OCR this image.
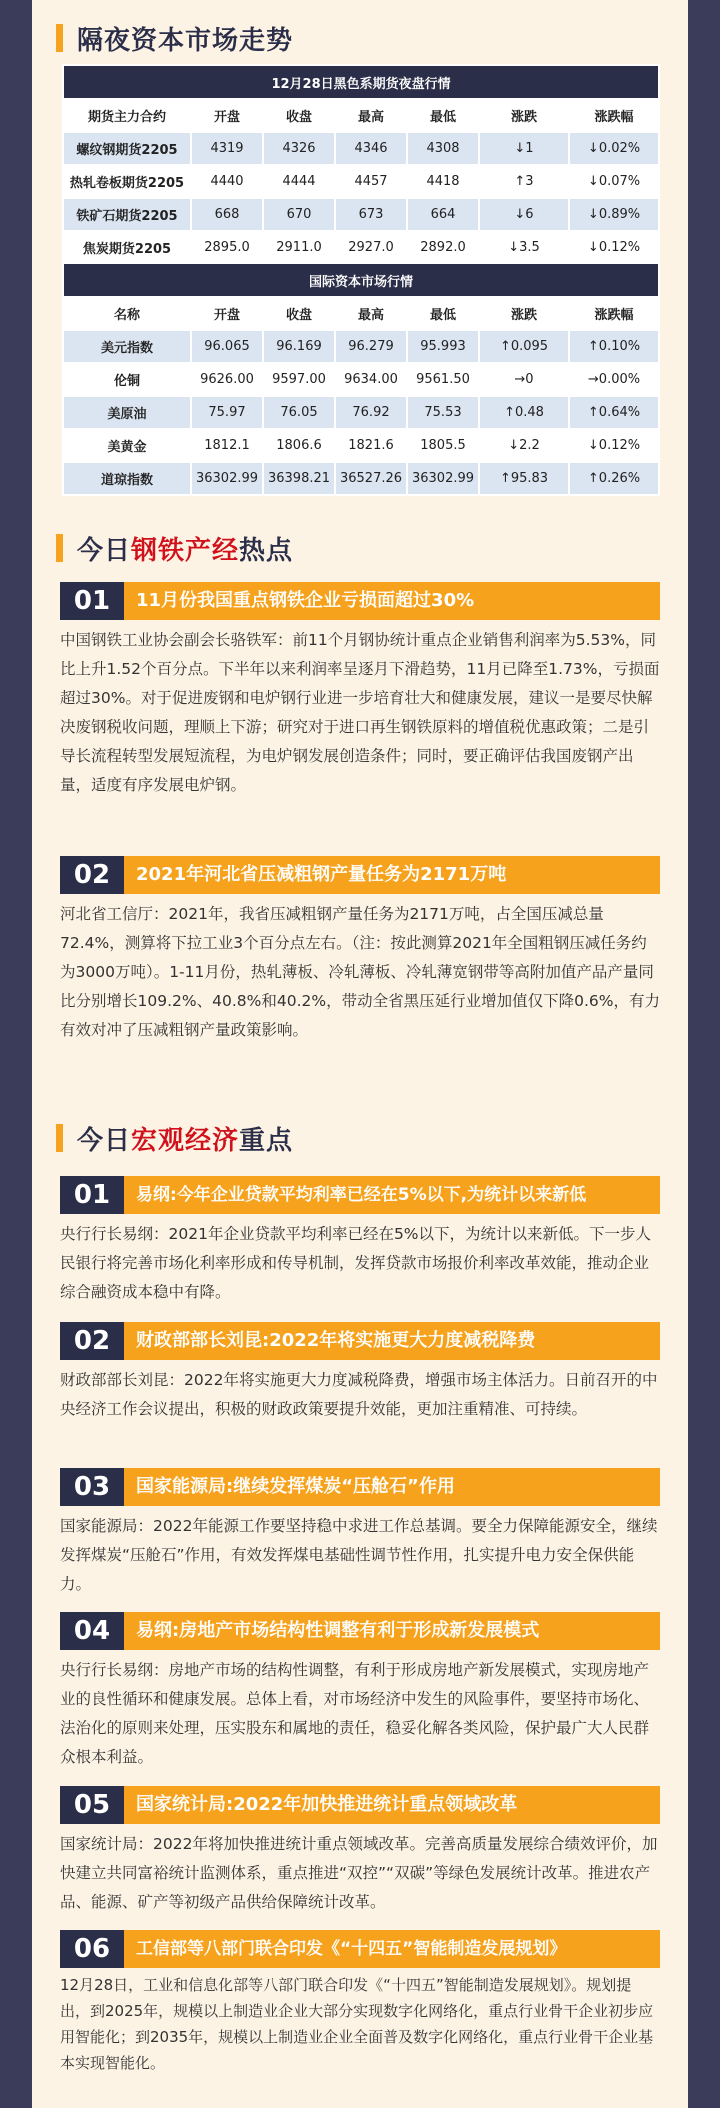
隔夜资本市场走势
12月28日黑色系期货夜盘行情						
期货主力合约	开盘	收盘	最高	最低	涨跌	涨跌幅
螺纹钢期货2205	4319	4326	4346	4308	↓1	↓0.02%
热轧卷板期货2205	4440	4444	4457	4418	↑3	↓0.07%
铁矿石期货2205	668	670	673	664	↓6	↓0.89%
焦炭期货2205	2895.0	2911.0	2927.0	2892.0	↓3.5	↓0.12%
国际资本市场行情						
名称	开盘	收盘	最高	最低	涨跌	涨跌幅
美元指数	96.065	96.169	96.279	95.993	↑0.095	↑0.10%
伦铜	9626.00	9597.00	9634.00	9561.50	→0	→0.00%
美原油	75.97	76.05	76.92	75.53	↑0.48	↑0.64%
美黄金	1812.1	1806.6	1821.6	1805.5	↓2.2	↓0.12%
道琼指数	36302.99	36398.21	36527.26	36302.99	↑95.83	↑0.26%
今日钢铁产经热点
01	11月份我国重点钢铁企业亏损面超过30%
中国钢铁工业协会副会长骆铁军：前11个月钢协统计重点企业销售利润率为5.53%，同比上升1.52个百分点。下半年以来利润率呈逐月下滑趋势，11月已降至1.73%，亏损面超过30%。对于促进废钢和电炉钢行业进一步培育壮大和健康发展，建议一是要尽快解决废钢税收问题，理顺上下游；研究对于进口再生钢铁原料的增值税优惠政策；二是引导长流程转型发展短流程，为电炉钢发展创造条件；同时，要正确评估我国废钢产出量，适度有序发展电炉钢。
02	2021年河北省压减粗钢产量任务为2171万吨
河北省工信厅：2021年，我省压减粗钢产量任务为2171万吨，占全国压减总量72.4%，测算将下拉工业3个百分点左右。（注：按此测算2021年全国粗钢压减任务约为3000万吨）。1-11月份，热轧薄板、冷轧薄板、冷轧薄宽钢带等高附加值产品产量同比分别增长109.2%、40.8%和40.2%，带动全省黑压延行业增加值仅下降0.6%，有力有效对冲了压减粗钢产量政策影响。
今日宏观经济重点
01	易纲:今年企业贷款平均利率已经在5%以下,为统计以来新低
央行行长易纲：2021年企业贷款平均利率已经在5%以下，为统计以来新低。下一步人民银行将完善市场化利率形成和传导机制，发挥贷款市场报价利率改革效能，推动企业综合融资成本稳中有降。
02	财政部部长刘昆:2022年将实施更大力度减税降费
财政部部长刘昆：2022年将实施更大力度减税降费，增强市场主体活力。日前召开的中央经济工作会议提出，积极的财政政策要提升效能，更加注重精准、可持续。
03	国家能源局:继续发挥煤炭“压舱石”作用
国家能源局：2022年能源工作要坚持稳中求进工作总基调。要全力保障能源安全，继续发挥煤炭“压舱石”作用，有效发挥煤电基础性调节性作用，扎实提升电力安全保供能力。
04	易纲:房地产市场结构性调整有利于形成新发展模式
央行行长易纲：房地产市场的结构性调整，有利于形成房地产新发展模式，实现房地产业的良性循环和健康发展。总体上看，对市场经济中发生的风险事件，要坚持市场化、法治化的原则来处理，压实股东和属地的责任，稳妥化解各类风险，保护最广大人民群众根本利益。
05	国家统计局:2022年加快推进统计重点领域改革
国家统计局：2022年将加快推进统计重点领域改革。完善高质量发展综合绩效评价，加快建立共同富裕统计监测体系，重点推进“双控”“双碳”等绿色发展统计改革。推进农产品、能源、矿产等初级产品供给保障统计改革。
06	工信部等八部门联合印发《“十四五”智能制造发展规划》
12月28日，工业和信息化部等八部门联合印发《“十四五”智能制造发展规划》。规划提出，到2025年，规模以上制造业企业大部分实现数字化网络化，重点行业骨干企业初步应用智能化；到2035年，规模以上制造业企业全面普及数字化网络化，重点行业骨干企业基本实现智能化。
